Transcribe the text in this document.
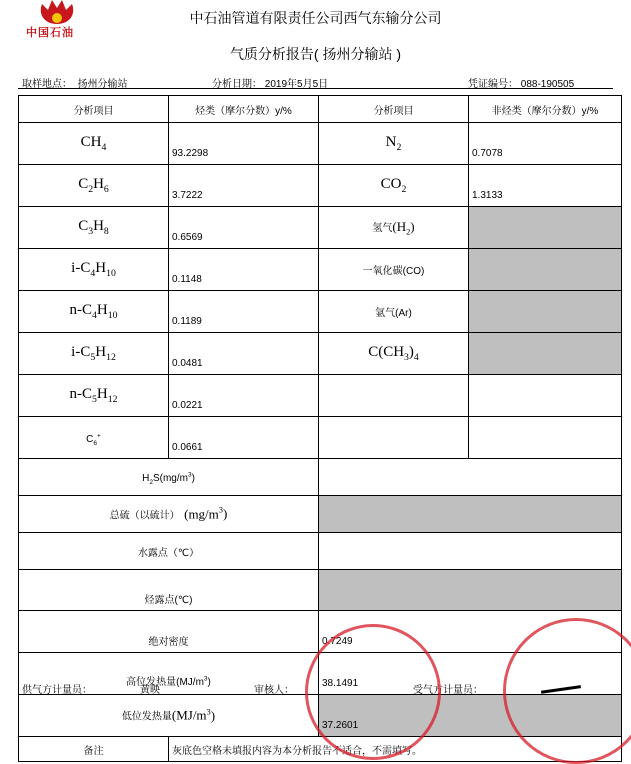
中国石油
中石油管道有限责任公司西气东输分公司
气质分析报告( 扬州分输站 )
取样地点： 扬州分输站	分析日期： 2019年5月5日	凭证编号： 088-190505
分析项目	烃类（摩尔分数）y/%	分析项目	非烃类（摩尔分数）y/%
$CH_4$	93.2298	$N_2$	0.7078
$C_2H_6$	3.7222	$CO_2$	1.3133
$C_3H_8$	0.6569	氢气$(H_2)$	
$i-C_4H_{10}$	0.1148	一氧化碳(CO)	
$n-C_4H_{10}$	0.1189	氩气(Ar)	
$i-C_5H_{12}$	0.0481	$C(CH_3)_4$	
$n-C_5H_{12}$	0.0221		
$C_6^+$	0.0661		
$H_2S(mg/m^3)$			
总硫（以硫计） $(mg/m^3)$			
水露点（℃）			
烃露点(℃)			
绝对密度		0.7249	
高位发热量$(MJ/m^3)$		38.1491	
低位发热量$(MJ/m^3)$		37.2601	
备注	灰底色空格未填报内容为本分析报告不适合，不需填写。		
供气方计量员：	黄映	审核人：	受气方计量员：
